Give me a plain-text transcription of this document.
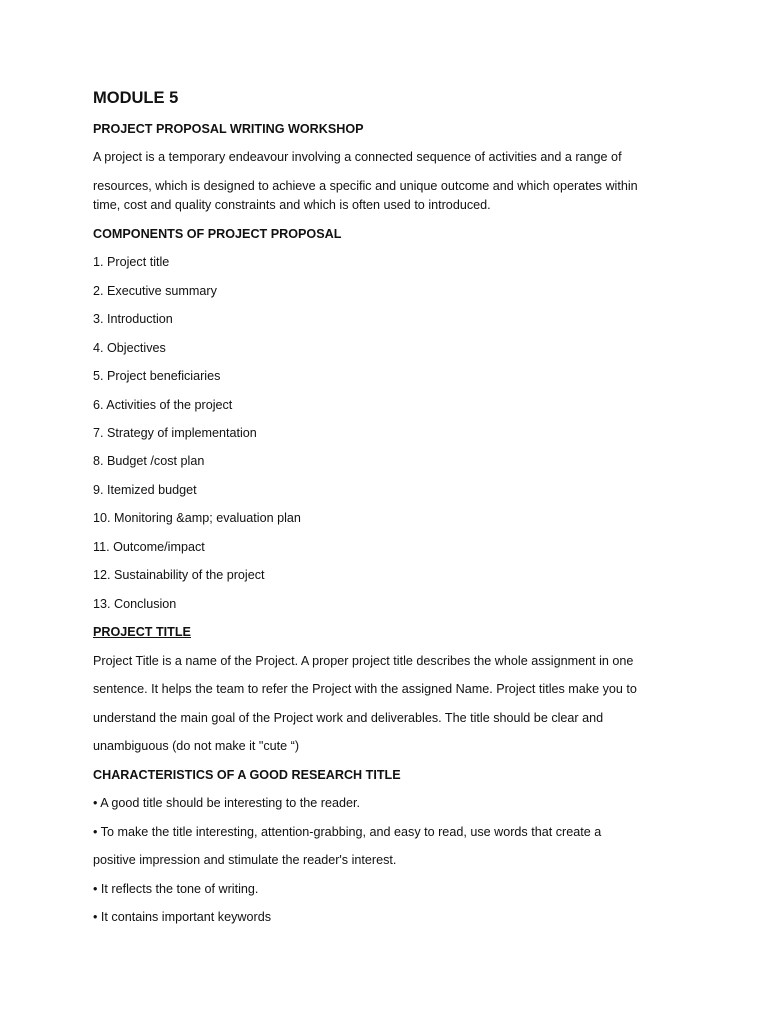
MODULE 5
PROJECT PROPOSAL WRITING WORKSHOP
A project is a temporary endeavour involving a connected sequence of activities and a range of
resources, which is designed to achieve a specific and unique outcome and which operates within
time, cost and quality constraints and which is often used to introduced.
COMPONENTS OF PROJECT PROPOSAL
1. Project title
2. Executive summary
3. Introduction
4. Objectives
5. Project beneficiaries
6. Activities of the project
7. Strategy of implementation
8. Budget /cost plan
9. Itemized budget
10. Monitoring &amp; evaluation plan
11. Outcome/impact
12. Sustainability of the project
13. Conclusion
PROJECT TITLE
Project Title is a name of the Project. A proper project title describes the whole assignment in one
sentence. It helps the team to refer the Project with the assigned Name. Project titles make you to
understand the main goal of the Project work and deliverables. The title should be clear and
unambiguous (do not make it "cute “)
CHARACTERISTICS OF A GOOD RESEARCH TITLE
• A good title should be interesting to the reader.
• To make the title interesting, attention-grabbing, and easy to read, use words that create a
positive impression and stimulate the reader's interest.
• It reflects the tone of writing.
• It contains important keywords
